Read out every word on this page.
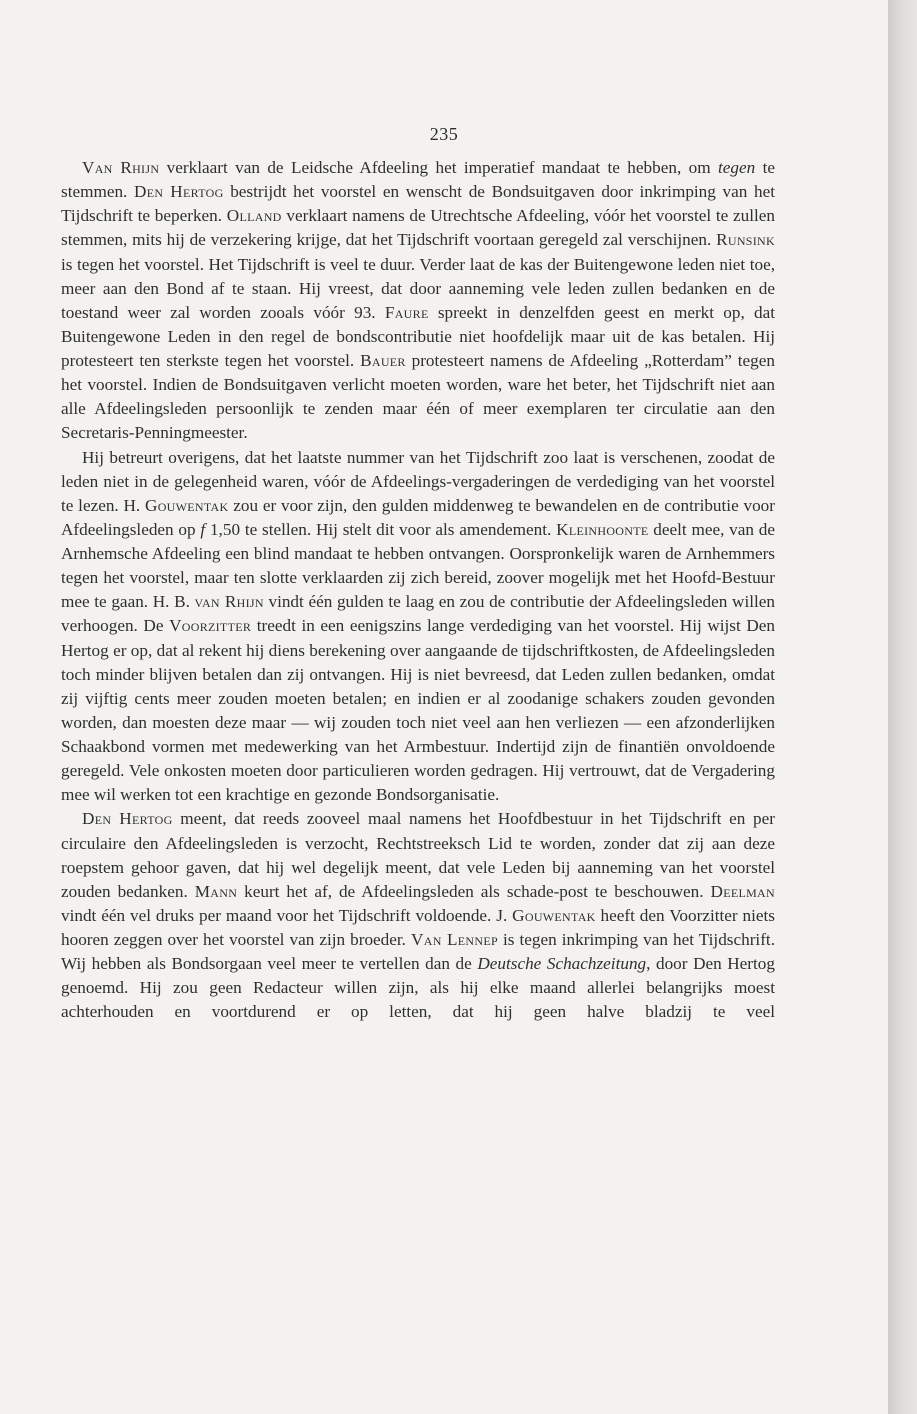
235

Van Rhijn verklaart van de Leidsche Afdeeling het imperatief mandaat te hebben, om tegen te stemmen. Den Hertog bestrijdt het voorstel en wenscht de Bondsuitgaven door inkrimping van het Tijdschrift te beperken. Olland verklaart namens de Utrechtsche Afdeeling, vóór het voorstel te zullen stemmen, mits hij de verzekering krijge, dat het Tijdschrift voortaan geregeld zal verschijnen. Runsink is tegen het voorstel. Het Tijdschrift is veel te duur. Verder laat de kas der Buitengewone leden niet toe, meer aan den Bond af te staan. Hij vreest, dat door aanneming vele leden zullen bedanken en de toestand weer zal worden zooals vóór 93. Faure spreekt in denzelfden geest en merkt op, dat Buitengewone Leden in den regel de bondscontributie niet hoofdelijk maar uit de kas betalen. Hij protesteert ten sterkste tegen het voorstel. Bauer protesteert namens de Afdeeling „Rotterdam” tegen het voorstel. Indien de Bondsuitgaven verlicht moeten worden, ware het beter, het Tijdschrift niet aan alle Afdeelingsleden persoonlijk te zenden maar één of meer exemplaren ter circulatie aan den Secretaris-Penningmeester.

Hij betreurt overigens, dat het laatste nummer van het Tijdschrift zoo laat is verschenen, zoodat de leden niet in de gelegenheid waren, vóór de Afdeelings-vergaderingen de verdediging van het voorstel te lezen. H. Gouwentak zou er voor zijn, den gulden middenweg te bewandelen en de contributie voor Afdeelingsleden op f 1,50 te stellen. Hij stelt dit voor als amendement. Kleinhoonte deelt mee, van de Arnhemsche Afdeeling een blind mandaat te hebben ontvangen. Oorspronkelijk waren de Arnhemmers tegen het voorstel, maar ten slotte verklaarden zij zich bereid, zoover mogelijk met het Hoofd-Bestuur mee te gaan. H. B. van Rhijn vindt één gulden te laag en zou de contributie der Afdeelingsleden willen verhoogen. De Voorzitter treedt in een eenigszins lange verdediging van het voorstel. Hij wijst Den Hertog er op, dat al rekent hij diens berekening over aangaande de tijdschriftkosten, de Afdeelingsleden toch minder blijven betalen dan zij ontvangen. Hij is niet bevreesd, dat Leden zullen bedanken, omdat zij vijftig cents meer zouden moeten betalen; en indien er al zoodanige schakers zouden gevonden worden, dan moesten deze maar — wij zouden toch niet veel aan hen verliezen — een afzonderlijken Schaakbond vormen met medewerking van het Armbestuur. Indertijd zijn de finantiën onvoldoende geregeld. Vele onkosten moeten door particulieren worden gedragen. Hij vertrouwt, dat de Vergadering mee wil werken tot een krachtige en gezonde Bondsorganisatie.

Den Hertog meent, dat reeds zooveel maal namens het Hoofdbestuur in het Tijdschrift en per circulaire den Afdeelingsleden is verzocht, Rechtstreeksch Lid te worden, zonder dat zij aan deze roepstem gehoor gaven, dat hij wel degelijk meent, dat vele Leden bij aanneming van het voorstel zouden bedanken. Mann keurt het af, de Afdeelingsleden als schade-post te beschouwen. Deelman vindt één vel druks per maand voor het Tijdschrift voldoende. J. Gouwentak heeft den Voorzitter niets hooren zeggen over het voorstel van zijn broeder. Van Lennep is tegen inkrimping van het Tijdschrift. Wij hebben als Bondsorgaan veel meer te vertellen dan de Deutsche Schachzeitung, door Den Hertog genoemd. Hij zou geen Redacteur willen zijn, als hij elke maand allerlei belangrijks moest achterhouden en voortdurend er op letten, dat hij geen halve bladzij te veel
